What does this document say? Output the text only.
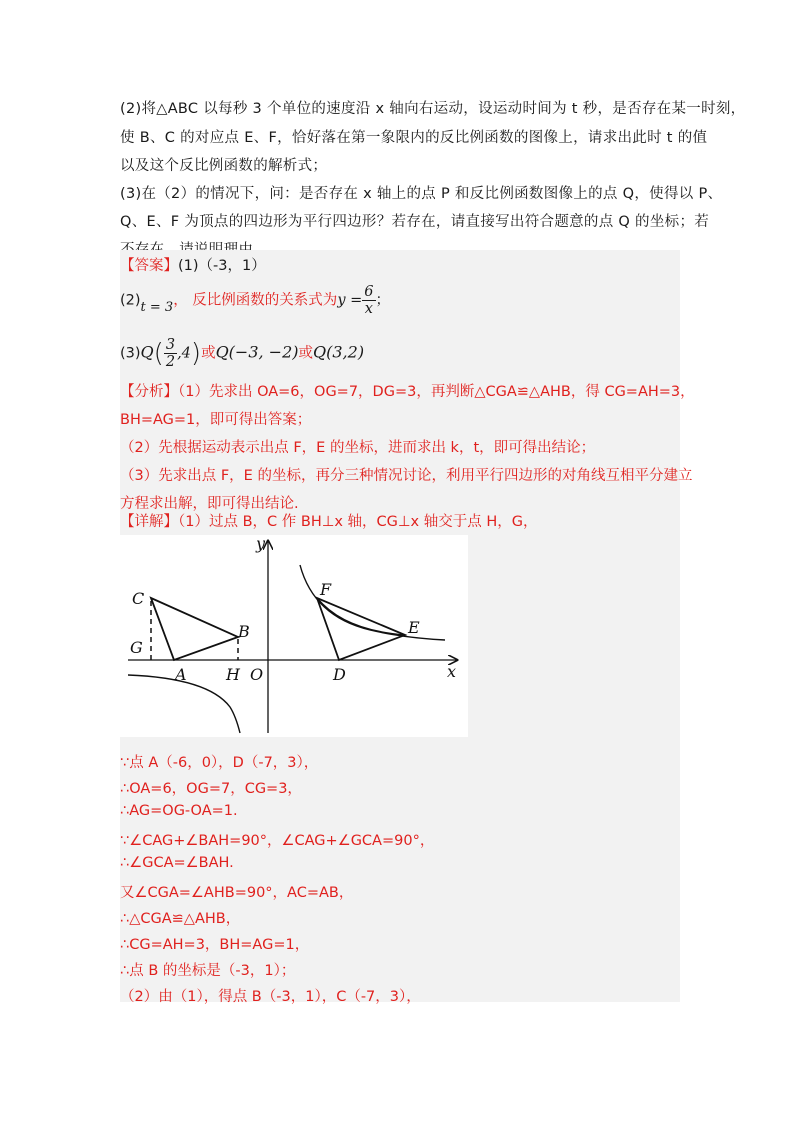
(2)将△ABC 以每秒 3 个单位的速度沿 x 轴向右运动，设运动时间为 t 秒，是否存在某一时刻，
使 B、C 的对应点 E、F，恰好落在第一象限内的反比例函数的图像上，请求出此时 t 的值
以及这个反比例函数的解析式；
(3)在（2）的情况下，问：是否存在 x 轴上的点 P 和反比例函数图像上的点 Q，使得以 P、
Q、E、F 为顶点的四边形为平行四边形？若存在，请直接写出符合题意的点 Q 的坐标；若
【答案】(1)（-3，1）
(2)t = 3， 反比例函数的关系式为$y = \frac{6}{x}$ ；
$(3)Q( \frac{3}{2} ,4)$或Q(−3, −2)或Q(3,2)
【分析】（1）先求出 OA=6，OG=7，DG=3，再判断△CGA≌△AHB，得 CG=AH=3，
BH=AG=1，即可得出答案；
（2）先根据运动表示出点 F，E 的坐标，进而求出 k，t，即可得出结论；
（3）先求出点 F，E 的坐标，再分三种情况讨论，利用平行四边形的对角线互相平分建立
方程求出解，即可得出结论.
【详解】（1）过点 B，C 作 BH⊥x 轴，CG⊥x 轴交于点 H，G，
y
x
C
G
A H O
B
F
E
D
∵点 A（-6，0），D（-7，3），
∴OA=6，OG=7，CG=3，
∴AG=OG-OA=1.
∵∠CAG+∠BAH=90°，∠CAG+∠GCA=90°，
∴∠GCA=∠BAH.
又∠CGA=∠AHB=90°，AC=AB，
∴△CGA≌△AHB，
∴CG=AH=3，BH=AG=1，
∴点 B 的坐标是（-3，1）；
（2）由（1），得点 B（-3，1），C（-7，3），
